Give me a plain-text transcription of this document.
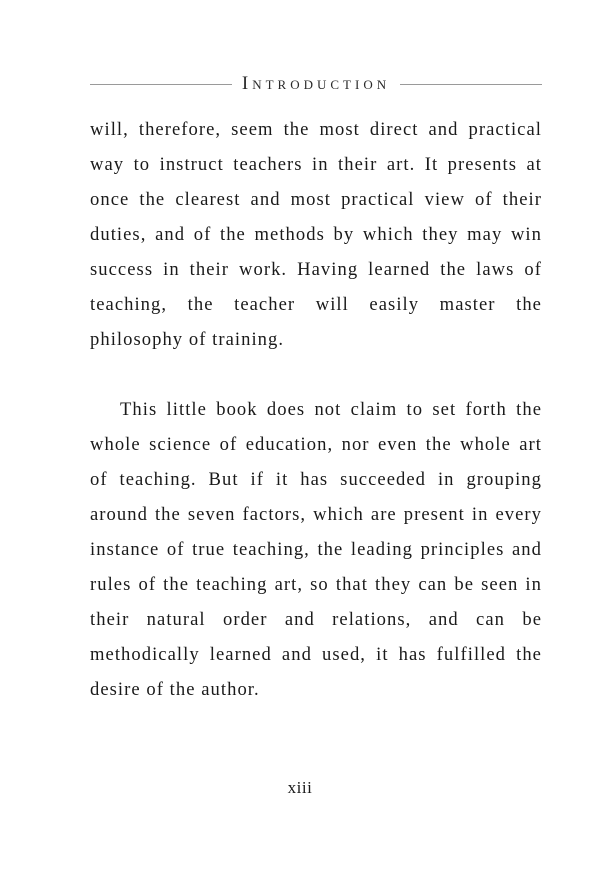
Introduction

will, therefore, seem the most direct and practical way to instruct teachers in their art. It presents at once the clearest and most practical view of their duties, and of the methods by which they may win success in their work. Having learned the laws of teaching, the teacher will easily master the philosophy of training.

This little book does not claim to set forth the whole science of education, nor even the whole art of teaching. But if it has succeeded in grouping around the seven factors, which are present in every instance of true teaching, the leading principles and rules of the teaching art, so that they can be seen in their natural order and relations, and can be methodically learned and used, it has fulfilled the desire of the author.

xiii
